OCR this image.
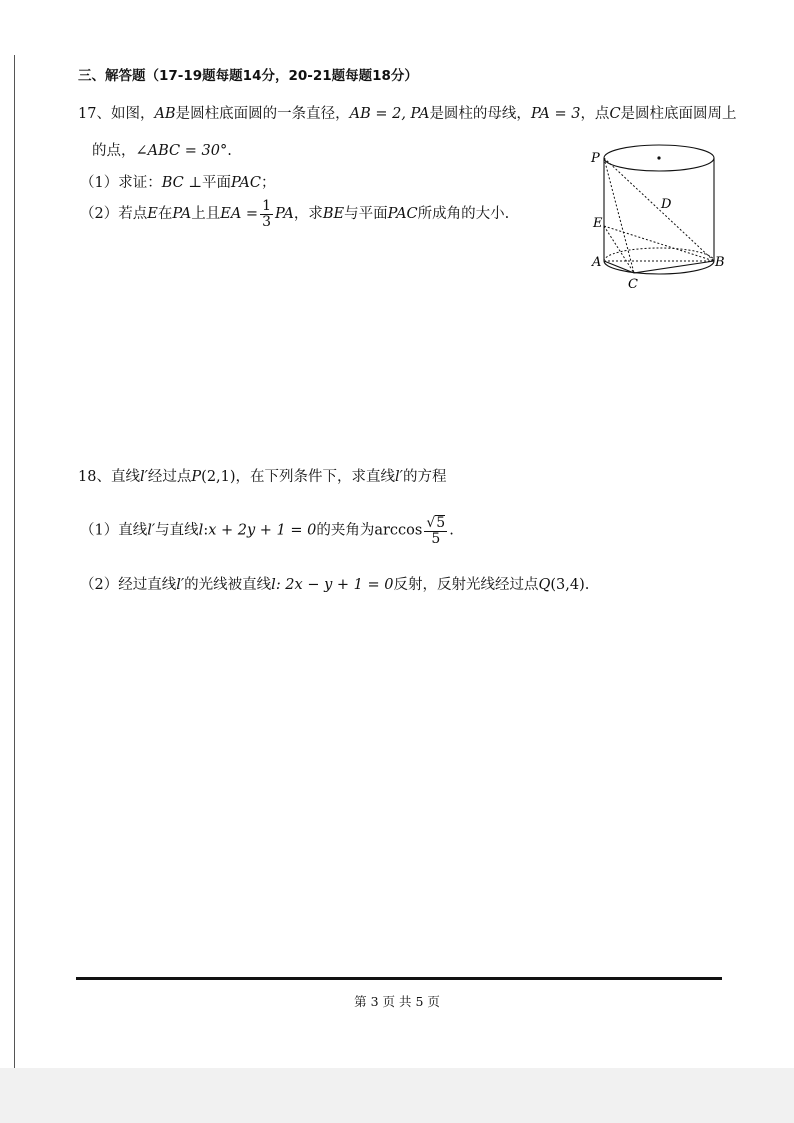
三、解答题（17-19题每题14分，20-21题每题18分）
17、如图，AB是圆柱底面圆的一条直径，AB = 2, PA是圆柱的母线，PA = 3，点C是圆柱底面圆周上
的点，∠ABC = 30°.
（1）求证：BC ⊥平面PAC；
（2）若点E在PA上且EA = $\frac{1}{3}$ PA，求BE与平面PAC所成角的大小.
P
D
E
A	B
C
18、直线l′经过点P(2,1)，在下列条件下，求直线l′的方程
（1）直线l′与直线l:x + 2y + 1 = 0的夹角为$\arccos \frac{√5}{5}$ .
（2）经过直线l′的光线被直线l: 2x − y + 1 = 0反射，反射光线经过点Q(3,4).
第 3 页 共 5 页
